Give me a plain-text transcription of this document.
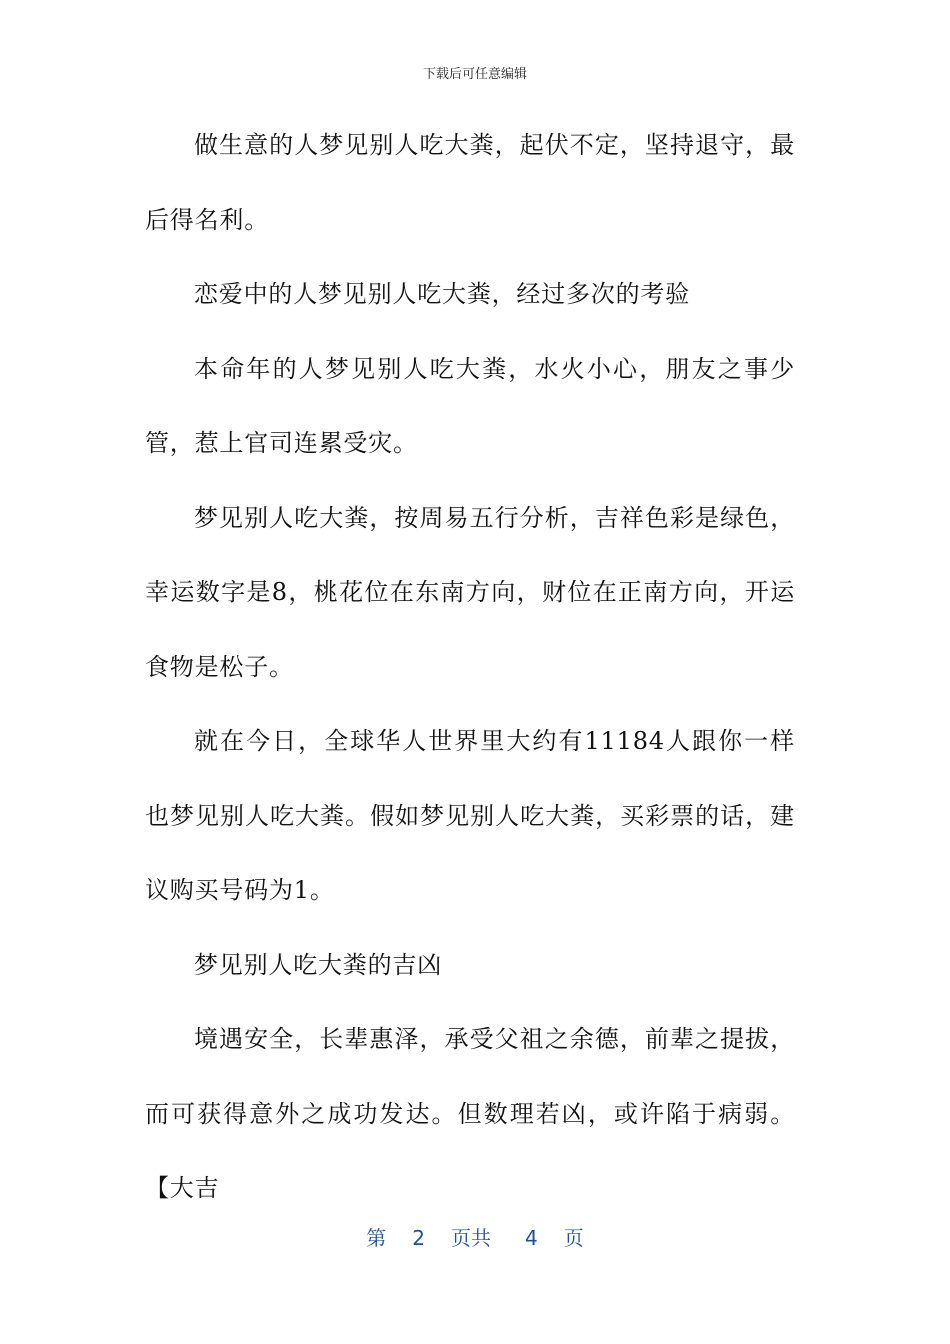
下载后可任意编辑

做生意的人梦见别人吃大粪，起伏不定，坚持退守，最后得名利。

恋爱中的人梦见别人吃大粪，经过多次的考验

本命年的人梦见别人吃大粪，水火小心，朋友之事少管，惹上官司连累受灾。

梦见别人吃大粪，按周易五行分析，吉祥色彩是绿色，幸运数字是8，桃花位在东南方向，财位在正南方向，开运食物是松子。

就在今日，全球华人世界里大约有11184人跟你一样也梦见别人吃大粪。假如梦见别人吃大粪，买彩票的话，建议购买号码为1。

梦见别人吃大粪的吉凶

境遇安全，长辈惠泽，承受父祖之余德，前辈之提拔，而可获得意外之成功发达。但数理若凶，或许陷于病弱。【大吉

第 2 页共 4 页
